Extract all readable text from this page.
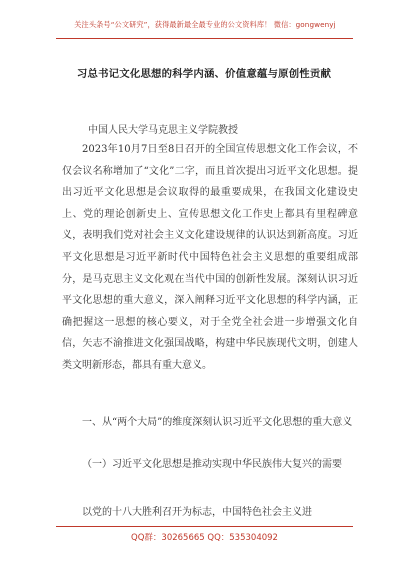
关注头条号“公文研究”，获得最新最全最专业的公文资料库！ 微信：gongwenyj
习总书记文化思想的科学内涵、价值意蕴与原创性贡献
中国人民大学马克思主义学院教授

2023年10月7日至8日召开的全国宣传思想文化工作会议，不仅会议名称增加了“文化”二字，而且首次提出习近平文化思想。提出习近平文化思想是会议取得的最重要成果，在我国文化建设史上、党的理论创新史上、宣传思想文化工作史上都具有里程碑意义，表明我们党对社会主义文化建设规律的认识达到新高度。习近平文化思想是习近平新时代中国特色社会主义思想的重要组成部分，是马克思主义文化观在当代中国的创新性发展。深刻认识习近平文化思想的重大意义，深入阐释习近平文化思想的科学内涵，正确把握这一思想的核心要义，对于全党全社会进一步增强文化自信，矢志不渝推进文化强国战略，构建中华民族现代文明，创建人类文明新形态，都具有重大意义。

一、从“两个大局”的维度深刻认识习近平文化思想的重大意义

（一）习近平文化思想是推动实现中华民族伟大复兴的需要

以党的十八大胜利召开为标志，中国特色社会主义进

QQ群：30265665 QQ：535304092
